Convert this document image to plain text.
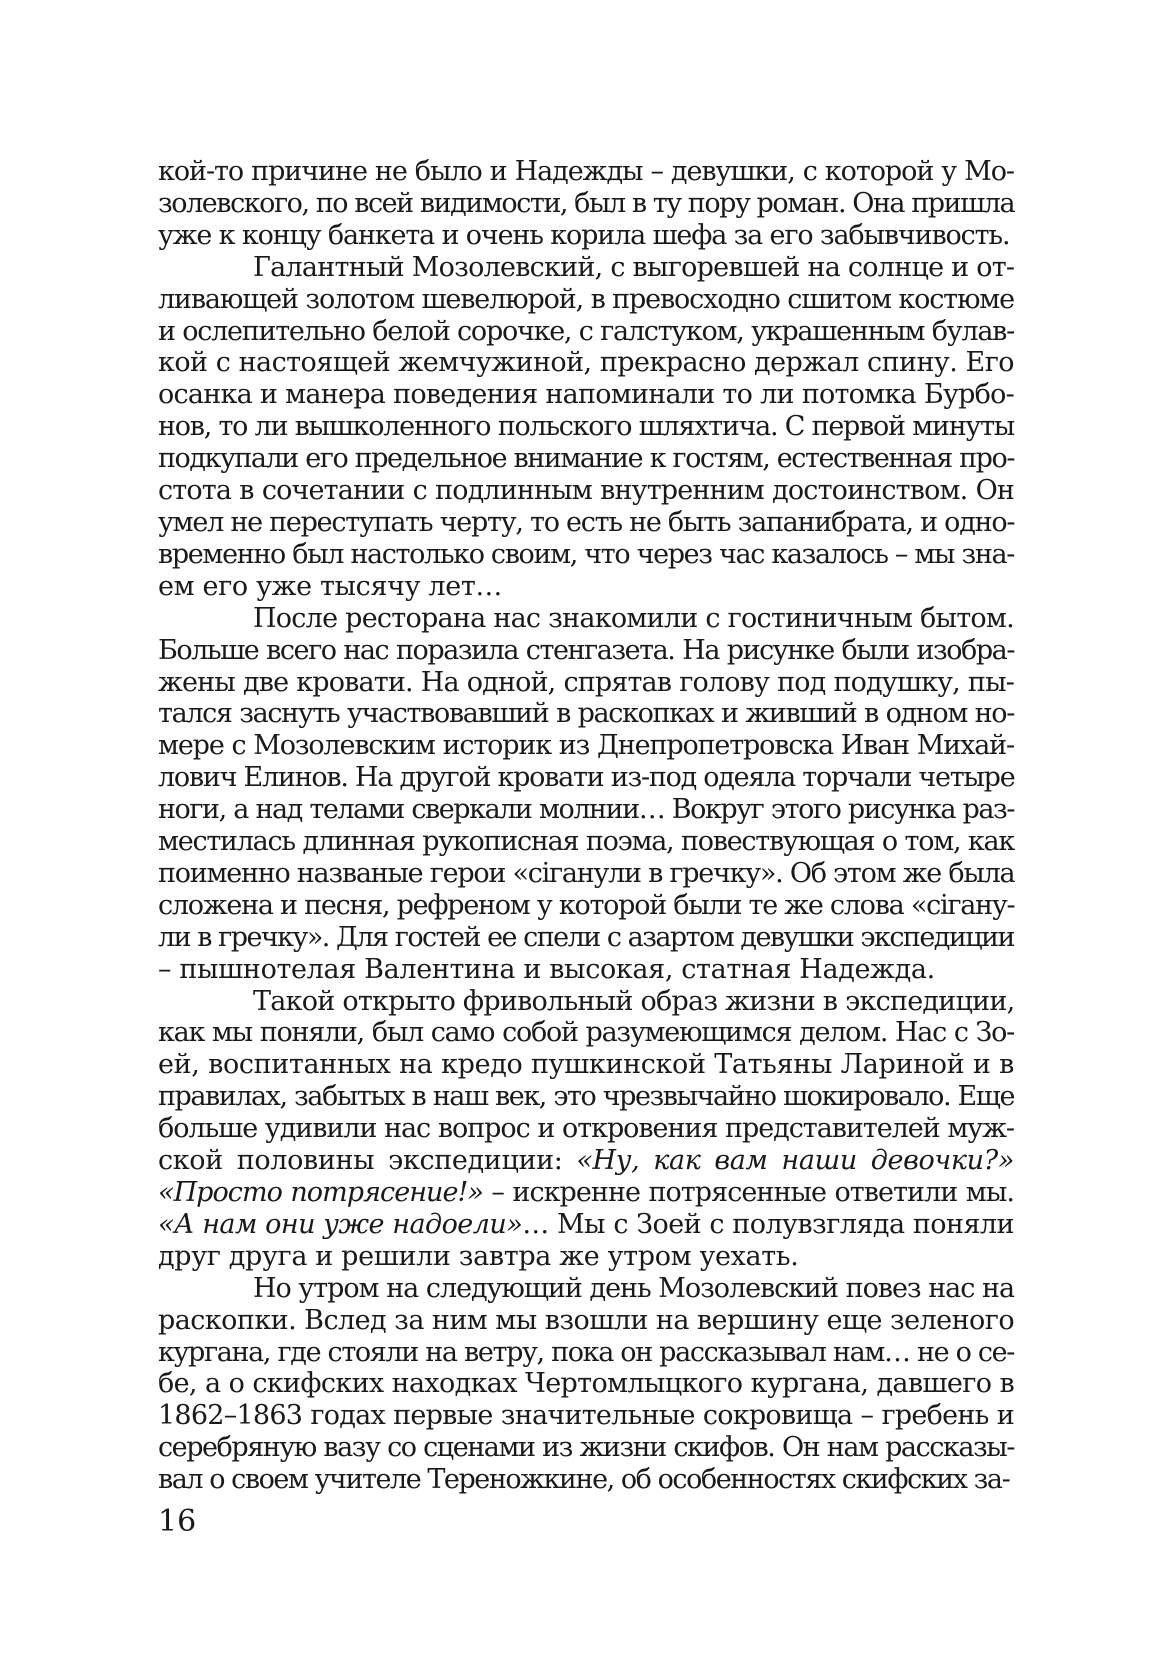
кой-то причине не было и Надежды – девушки, с которой у Мо-
золевского, по всей видимости, был в ту пору роман. Она пришла
уже к концу банкета и очень корила шефа за его забывчивость.
Галантный Мозолевский, с выгоревшей на солнце и от-
ливающей золотом шевелюрой, в превосходно сшитом костюме
и ослепительно белой сорочке, с галстуком, украшенным булав-
кой с настоящей жемчужиной, прекрасно держал спину. Его
осанка и манера поведения напоминали то ли потомка Бурбо-
нов, то ли вышколенного польского шляхтича. С первой минуты
подкупали его предельное внимание к гостям, естественная про-
стота в сочетании с подлинным внутренним достоинством. Он
умел не переступать черту, то есть не быть запанибрата, и одно-
временно был настолько своим, что через час казалось – мы зна-
ем его уже тысячу лет…
После ресторана нас знакомили с гостиничным бытом.
Больше всего нас поразила стенгазета. На рисунке были изобра-
жены две кровати. На одной, спрятав голову под подушку, пы-
тался заснуть участвовавший в раскопках и живший в одном но-
мере с Мозолевским историк из Днепропетровска Иван Михай-
лович Елинов. На другой кровати из-под одеяла торчали четыре
ноги, а над телами сверкали молнии… Вокруг этого рисунка раз-
местилась длинная рукописная поэма, повествующая о том, как
поименно названые герои «сiганули в гречку». Об этом же была
сложена и песня, рефреном у которой были те же слова «сiгану-
ли в гречку». Для гостей ее спели с азартом девушки экспедиции
– пышнотелая Валентина и высокая, статная Надежда.
Такой открыто фривольный образ жизни в экспедиции,
как мы поняли, был само собой разумеющимся делом. Нас с Зо-
ей, воспитанных на кредо пушкинской Татьяны Лариной и в
правилах, забытых в наш век, это чрезвычайно шокировало. Еще
больше удивили нас вопрос и откровения представителей муж-
ской половины экспедиции: «Ну, как вам наши девочки?»
«Просто потрясение!» – искренне потрясенные ответили мы.
«А нам они уже надоели»… Мы с Зоей с полувзгляда поняли
друг друга и решили завтра же утром уехать.
Но утром на следующий день Мозолевский повез нас на
раскопки. Вслед за ним мы взошли на вершину еще зеленого
кургана, где стояли на ветру, пока он рассказывал нам… не о се-
бе, а о скифских находках Чертомлыцкого кургана, давшего в
1862–1863 годах первые значительные сокровища – гребень и
серебряную вазу со сценами из жизни скифов. Он нам рассказы-
вал о своем учителе Тереножкине, об особенностях скифских за-
16
